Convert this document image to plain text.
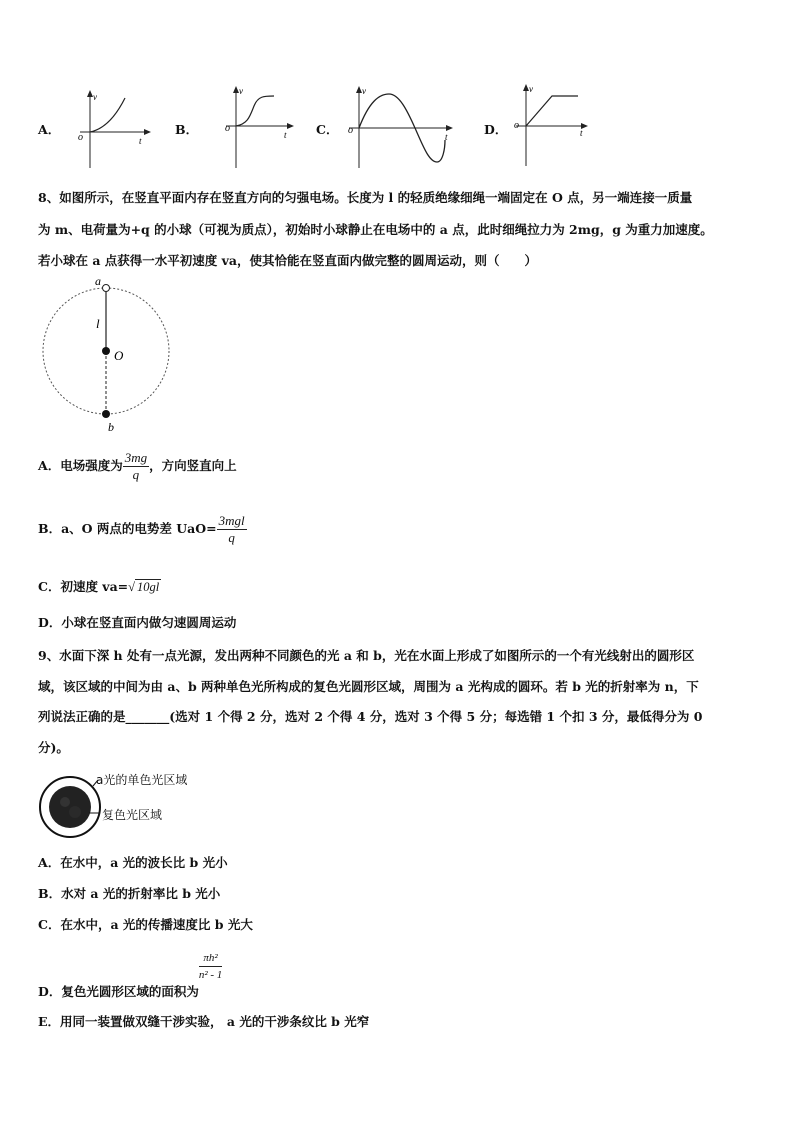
A．
v
o	t
B．
v
o
t C．
v
o
t	D．
v
o
t
8、如图所示，在竖直平面内存在竖直方向的匀强电场。长度为 l 的轻质绝缘细绳一端固定在 O 点，另一端连接一质量
为 m、电荷量为+q 的小球（可视为质点），初始时小球静止在电场中的 a 点，此时细绳拉力为 2mg，g 为重力加速度。
若小球在 a 点获得一水平初速度 va，使其恰能在竖直面内做完整的圆周运动，则（　　）
a
l
O
b
A．电场强度为 $\frac{3mg}{q}$ ，方向竖直向上
B．a、O 两点的电势差 $UaO= \frac{\text{3mgl}}{q}$
C．初速度 va=√ 10gl
D．小球在竖直面内做匀速圆周运动
9、水面下深 h 处有一点光源，发出两种不同颜色的光 a 和 b，光在水面上形成了如图所示的一个有光线射出的圆形区
域，该区域的中间为由 a、b 两种单色光所构成的复色光圆形区域，周围为 a 光构成的圆环。若 b 光的折射率为 n，下
列说法正确的是_______(选对 1 个得 2 分，选对 2 个得 4 分，选对 3 个得 5 分；每选错 1 个扣 3 分，最低得分为 0
分)。
a光的单色光区域
复色光区域
A．在水中，a 光的波长比 b 光小
B．水对 a 光的折射率比 b 光小
C．在水中，a 光的传播速度比 b 光大
D．复色光圆形区域的面积为
$\frac{\text{πh²}}{\text{n² - 1}}$
E．用同一装置做双缝干涉实验， a 光的干涉条纹比 b 光窄
